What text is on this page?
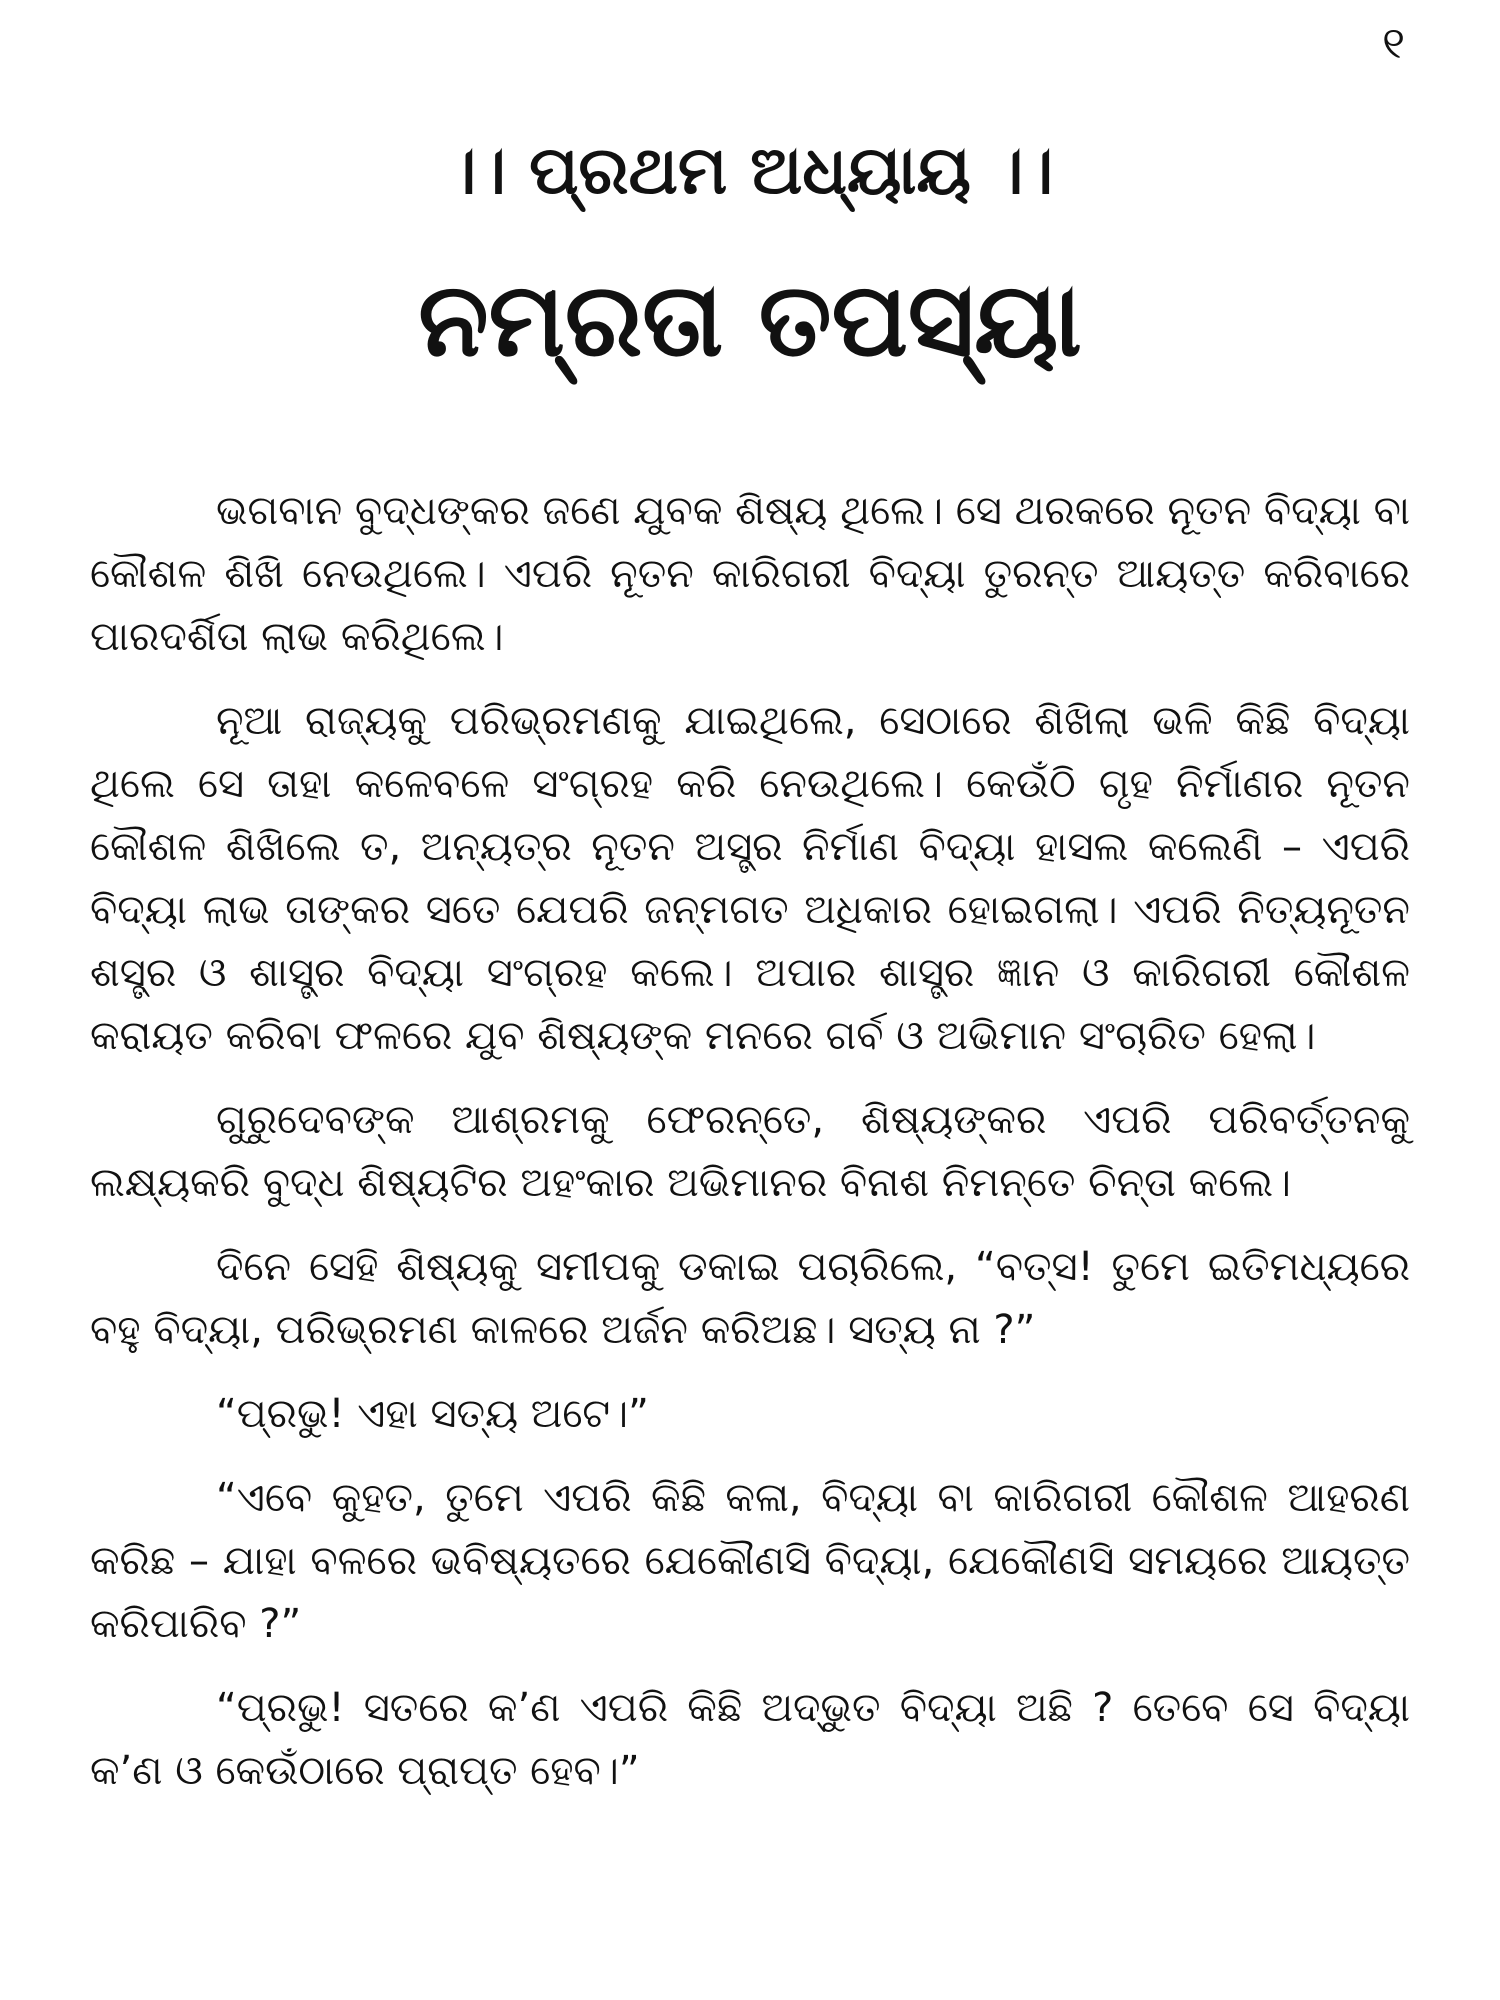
୧
।। ପ୍ରଥମ ଅଧ୍ୟାୟ ।।
ନମ୍ରତା ତପସ୍ୟା

ଭଗବାନ ବୁଦ୍ଧଙ୍କର ଜଣେ ଯୁବକ ଶିଷ୍ୟ ଥିଲେ। ସେ ଥରକରେ ନୂତନ ବିଦ୍ୟା ବା କୌଶଳ ଶିଖି ନେଉଥିଲେ। ଏପରି ନୂତନ କାରିଗରୀ ବିଦ୍ୟା ତୁରନ୍ତ ଆୟତ୍ତ କରିବାରେ ପାରଦର୍ଶିତା ଲାଭ କରିଥିଲେ।

ନୂଆ ରାଜ୍ୟକୁ ପରିଭ୍ରମଣକୁ ଯାଇଥିଲେ, ସେଠାରେ ଶିଖିଲା ଭଳି କିଛି ବିଦ୍ୟା ଥିଲେ ସେ ତାହା କଳେବଳେ ସଂଗ୍ରହ କରି ନେଉଥିଲେ। କେଉଁଠି ଗୃହ ନିର୍ମାଣର ନୂତନ କୌଶଳ ଶିଖିଲେ ତ, ଅନ୍ୟତ୍ର ନୂତନ ଅସ୍ତ୍ର ନିର୍ମାଣ ବିଦ୍ୟା ହାସଲ କଲେଣି – ଏପରି ବିଦ୍ୟା ଲାଭ ତାଙ୍କର ସତେ ଯେପରି ଜନ୍ମଗତ ଅଧିକାର ହୋଇଗଲା। ଏପରି ନିତ୍ୟନୂତନ ଶସ୍ତ୍ର ଓ ଶାସ୍ତ୍ର ବିଦ୍ୟା ସଂଗ୍ରହ କଲେ। ଅପାର ଶାସ୍ତ୍ର ଜ୍ଞାନ ଓ କାରିଗରୀ କୌଶଳ କରାୟତ କରିବା ଫଳରେ ଯୁବ ଶିଷ୍ୟଙ୍କ ମନରେ ଗର୍ବ ଓ ଅଭିମାନ ସଂଚାରିତ ହେଲା।

ଗୁରୁଦେବଙ୍କ ଆଶ୍ରମକୁ ଫେରନ୍ତେ, ଶିଷ୍ୟଙ୍କର ଏପରି ପରିବର୍ତ୍ତନକୁ ଲକ୍ଷ୍ୟକରି ବୁଦ୍ଧ ଶିଷ୍ୟଟିର ଅହଂକାର ଅଭିମାନର ବିନାଶ ନିମନ୍ତେ ଚିନ୍ତା କଲେ।

ଦିନେ ସେହି ଶିଷ୍ୟକୁ ସମୀପକୁ ଡକାଇ ପଚାରିଲେ, “ବତ୍ସ! ତୁମେ ଇତିମଧ୍ୟରେ ବହୁ ବିଦ୍ୟା, ପରିଭ୍ରମଣ କାଳରେ ଅର୍ଜନ କରିଅଛ। ସତ୍ୟ ନା ?”

“ପ୍ରଭୁ! ଏହା ସତ୍ୟ ଅଟେ।”

“ଏବେ କୁହତ, ତୁମେ ଏପରି କିଛି କଳା, ବିଦ୍ୟା ବା କାରିଗରୀ କୌଶଳ ଆହରଣ କରିଛ – ଯାହା ବଳରେ ଭବିଷ୍ୟତରେ ଯେକୌଣସି ବିଦ୍ୟା, ଯେକୌଣସି ସମୟରେ ଆୟତ୍ତ କରିପାରିବ ?”

“ପ୍ରଭୁ! ସତରେ କ’ଣ ଏପରି କିଛି ଅଦ୍ଭୁତ ବିଦ୍ୟା ଅଛି ? ତେବେ ସେ ବିଦ୍ୟା କ’ଣ ଓ କେଉଁଠାରେ ପ୍ରାପ୍ତ ହେବ।”
